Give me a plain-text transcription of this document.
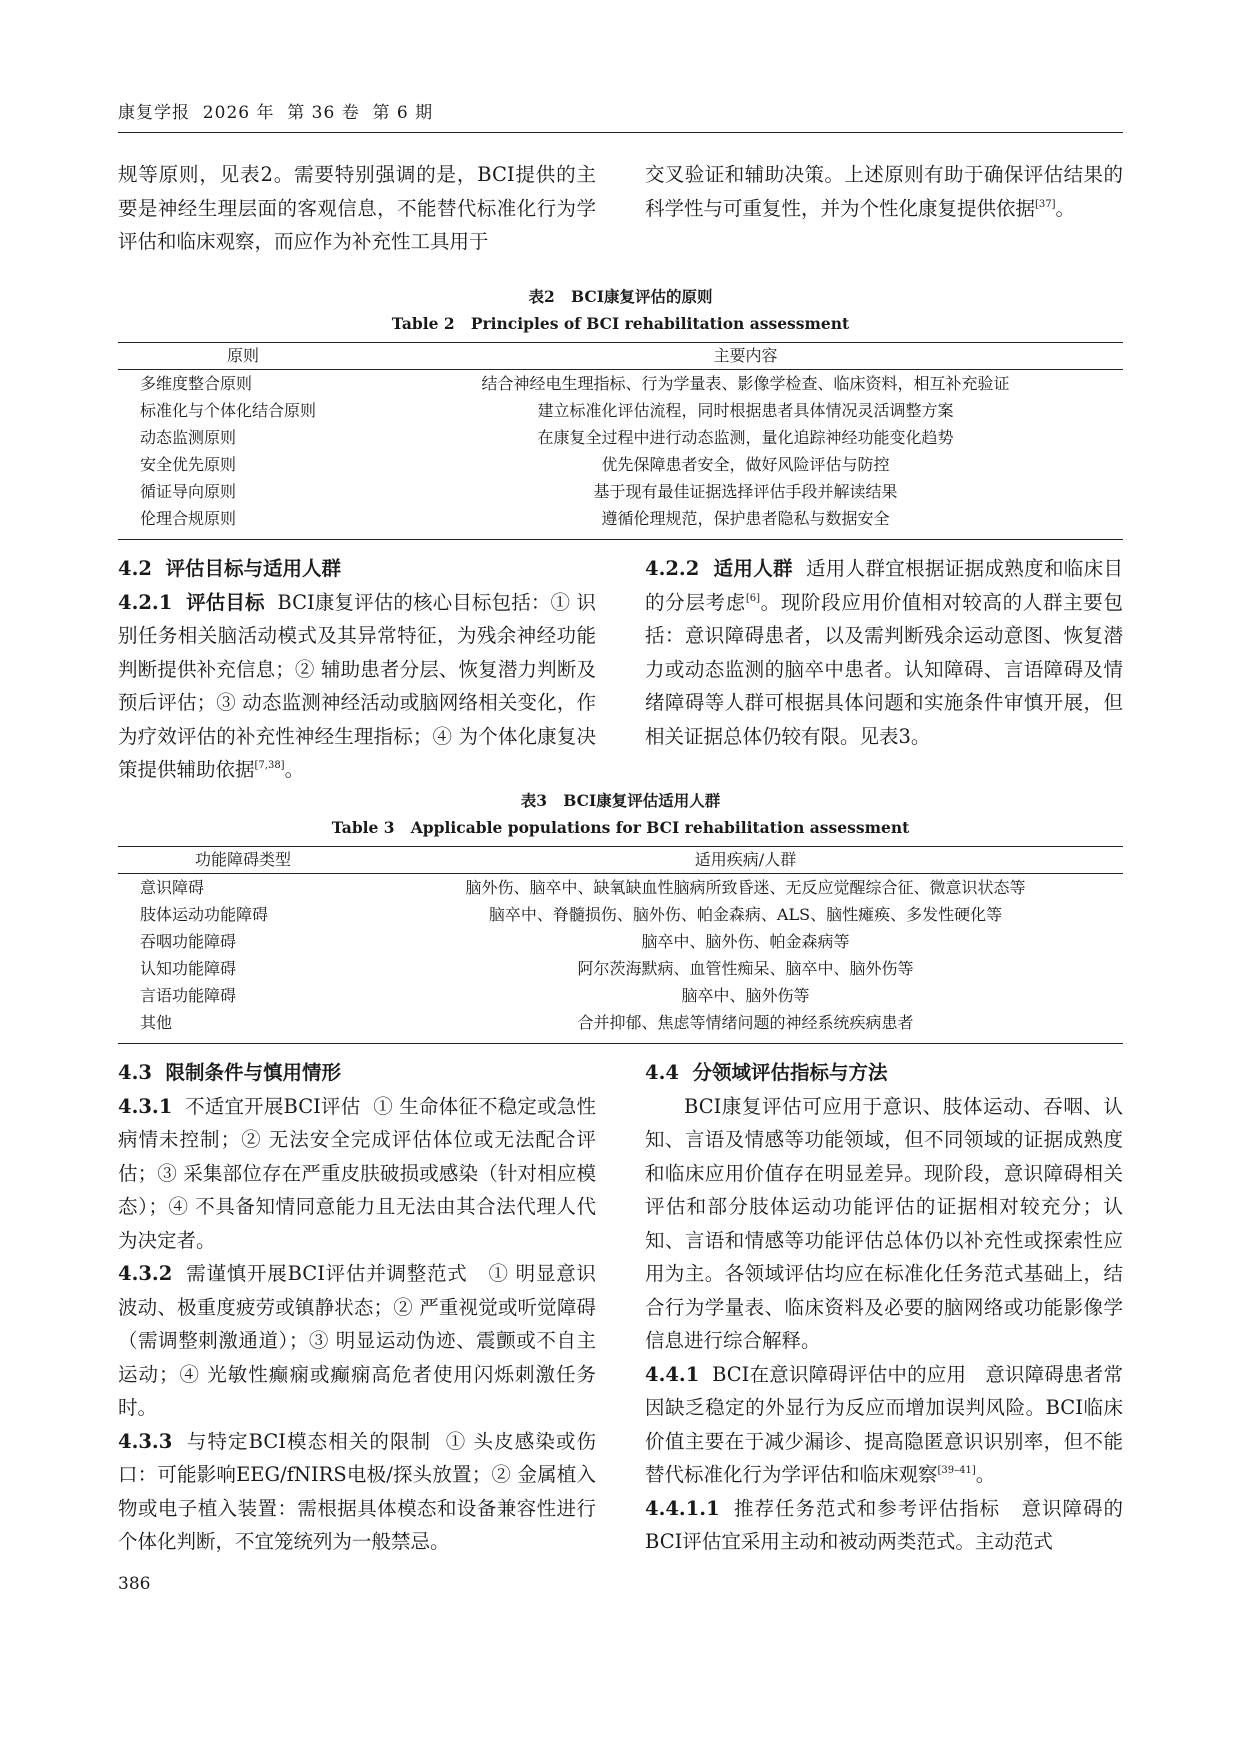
康复学报  2026 年  第 36 卷  第 6 期

规等原则，见表2。需要特别强调的是，BCI提供的主要是神经生理层面的客观信息，不能替代标准化行为学评估和临床观察，而应作为补充性工具用于

交叉验证和辅助决策。上述原则有助于确保评估结果的科学性与可重复性，并为个性化康复提供依据[37]。

表2   BCI康复评估的原则
Table 2   Principles of BCI rehabilitation assessment
原则	主要内容
多维度整合原则	结合神经电生理指标、行为学量表、影像学检查、临床资料，相互补充验证
标准化与个体化结合原则	建立标准化评估流程，同时根据患者具体情况灵活调整方案
动态监测原则	在康复全过程中进行动态监测，量化追踪神经功能变化趋势
安全优先原则	优先保障患者安全，做好风险评估与防控
循证导向原则	基于现有最佳证据选择评估手段并解读结果
伦理合规原则	遵循伦理规范，保护患者隐私与数据安全
4.2  评估目标与适用人群

4.2.1  评估目标  BCI康复评估的核心目标包括：① 识别任务相关脑活动模式及其异常特征，为残余神经功能判断提供补充信息；② 辅助患者分层、恢复潜力判断及预后评估；③ 动态监测神经活动或脑网络相关变化，作为疗效评估的补充性神经生理指标；④ 为个体化康复决策提供辅助依据[7,38]。

4.2.2  适用人群  适用人群宜根据证据成熟度和临床目的分层考虑[6]。现阶段应用价值相对较高的人群主要包括：意识障碍患者，以及需判断残余运动意图、恢复潜力或动态监测的脑卒中患者。认知障碍、言语障碍及情绪障碍等人群可根据具体问题和实施条件审慎开展，但相关证据总体仍较有限。见表3。

表3   BCI康复评估适用人群
Table 3   Applicable populations for BCI rehabilitation assessment
功能障碍类型	适用疾病/人群
意识障碍	脑外伤、脑卒中、缺氧缺血性脑病所致昏迷、无反应觉醒综合征、微意识状态等
肢体运动功能障碍	脑卒中、脊髓损伤、脑外伤、帕金森病、ALS、脑性瘫痪、多发性硬化等
吞咽功能障碍	脑卒中、脑外伤、帕金森病等
认知功能障碍	阿尔茨海默病、血管性痴呆、脑卒中、脑外伤等
言语功能障碍	脑卒中、脑外伤等
其他	合并抑郁、焦虑等情绪问题的神经系统疾病患者
4.3  限制条件与慎用情形

4.3.1  不适宜开展BCI评估  ① 生命体征不稳定或急性病情未控制；② 无法安全完成评估体位或无法配合评估；③ 采集部位存在严重皮肤破损或感染（针对相应模态）；④ 不具备知情同意能力且无法由其合法代理人代为决定者。

4.3.2  需谨慎开展BCI评估并调整范式   ① 明显意识波动、极重度疲劳或镇静状态；② 严重视觉或听觉障碍（需调整刺激通道）；③ 明显运动伪迹、震颤或不自主运动；④ 光敏性癫痫或癫痫高危者使用闪烁刺激任务时。

4.3.3  与特定BCI模态相关的限制  ① 头皮感染或伤口：可能影响EEG/fNIRS电极/探头放置；② 金属植入物或电子植入装置：需根据具体模态和设备兼容性进行个体化判断，不宜笼统列为一般禁忌。

4.4  分领域评估指标与方法

BCI康复评估可应用于意识、肢体运动、吞咽、认知、言语及情感等功能领域，但不同领域的证据成熟度和临床应用价值存在明显差异。现阶段，意识障碍相关评估和部分肢体运动功能评估的证据相对较充分；认知、言语和情感等功能评估总体仍以补充性或探索性应用为主。各领域评估均应在标准化任务范式基础上，结合行为学量表、临床资料及必要的脑网络或功能影像学信息进行综合解释。

4.4.1  BCI在意识障碍评估中的应用   意识障碍患者常因缺乏稳定的外显行为反应而增加误判风险。BCI临床价值主要在于减少漏诊、提高隐匿意识识别率，但不能替代标准化行为学评估和临床观察[39–41]。

4.4.1.1  推荐任务范式和参考评估指标   意识障碍的BCI评估宜采用主动和被动两类范式。主动范式

386
